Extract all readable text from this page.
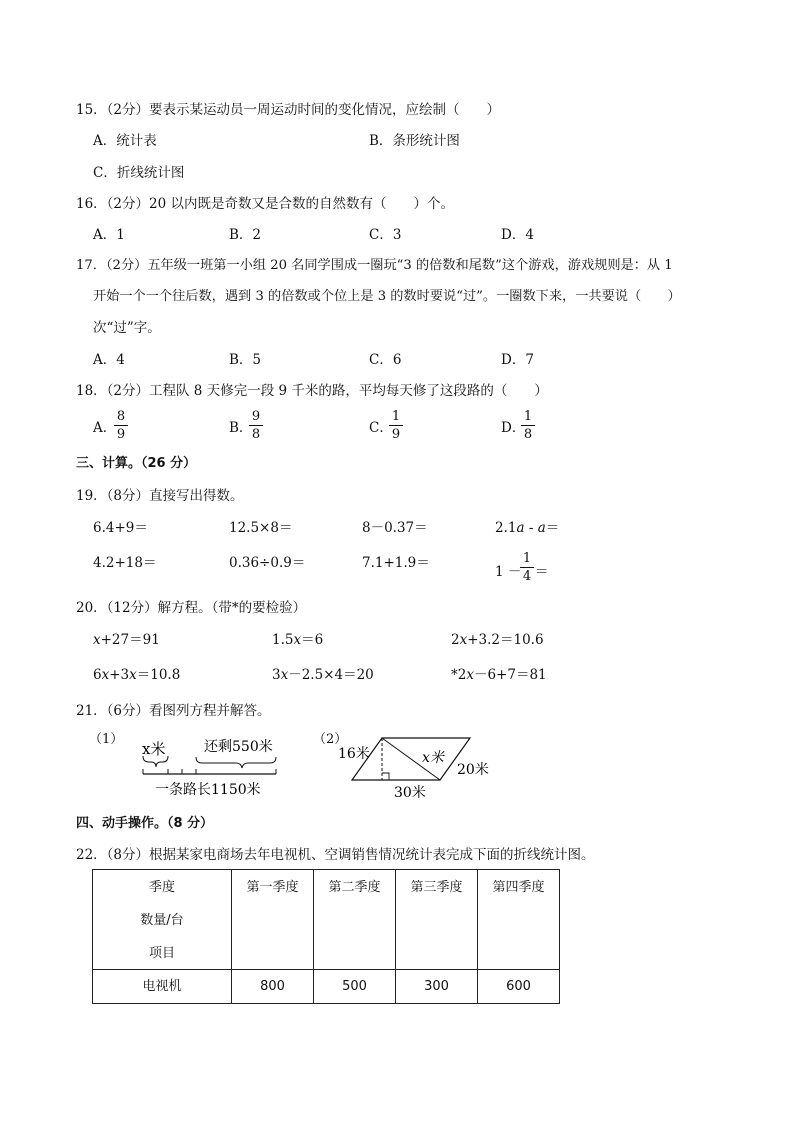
15．（2分）要表示某运动员一周运动时间的变化情况，应绘制（　　）
A．统计表	B．条形统计图
C．折线统计图
16．（2分）20 以内既是奇数又是合数的自然数有（　　）个。
A．1	B．2	C．3	D．4
17．（2分）五年级一班第一小组 20 名同学围成一圈玩“3 的倍数和尾数”这个游戏，游戏规则是：从 1
开始一个一个往后数，遇到 3 的倍数或个位上是 3 的数时要说“过”。一圈数下来，一共要说（　　）
次“过”字。
A．4	B．5	C．6	D．7
18．（2分）工程队 8 天修完一段 9 千米的路，平均每天修了这段路的（　　）
A．
8
9	B．
9
8	C．
1
9	D．
1
8
三、计算。（26 分）
19．（8分）直接写出得数。
6.4+9＝	12.5×8＝	8－0.37＝	2.1a - a＝
4.2+18＝	0.36÷0.9＝	7.1+1.9＝
1 －
1
4 ＝
20．（12分）解方程。（带*的要检验）
x+27＝91	1.5x＝6	2x+3.2＝10.6
6x+3x＝10.8	3x－2.5×4＝20	*2x－6+7＝81
21．（6分）看图列方程并解答。
（1）
x米	还剩550米
一条路长1150米
（2）
16米	x米
20米
30米
四、动手操作。（8 分）
22．（8分）根据某家电商场去年电视机、空调销售情况统计表完成下面的折线统计图。
季度
数量/台
项目	第一季度	第二季度	第三季度	第四季度

电视机	800	500	300	600
